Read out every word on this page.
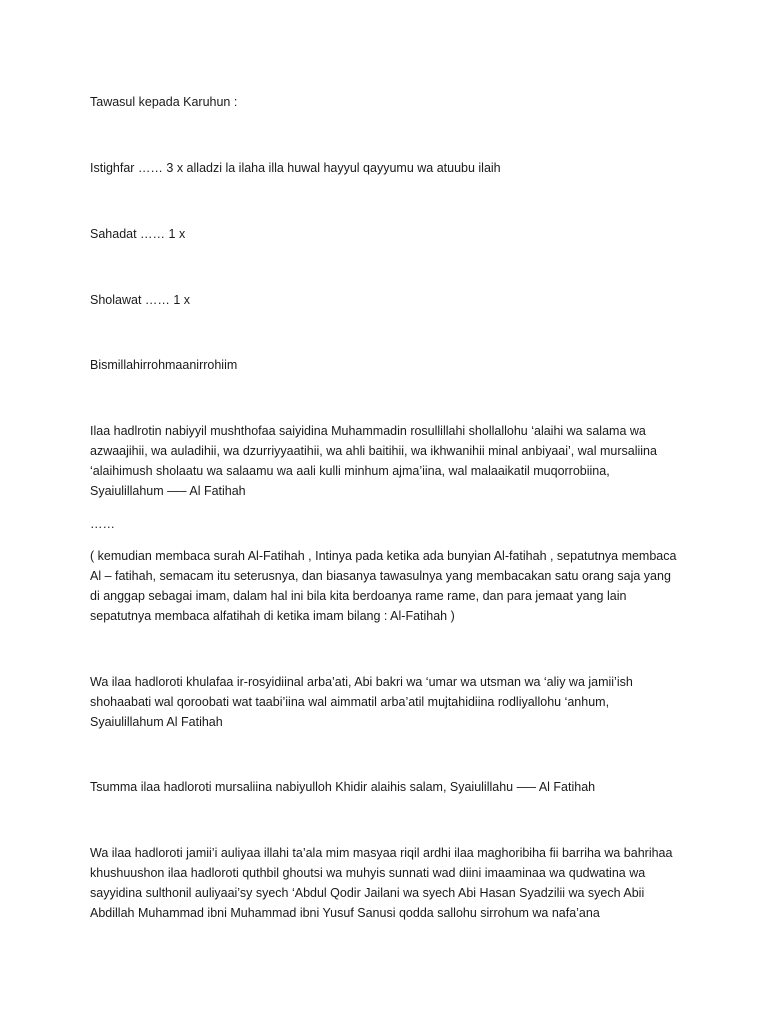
Tawasul kepada Karuhun :

Istighfar …… 3 x alladzi la ilaha illa huwal hayyul qayyumu wa atuubu ilaih

Sahadat …… 1 x

Sholawat …… 1 x

Bismillahirrohmaanirrohiim

Ilaa hadlrotin nabiyyil mushthofaa saiyidina Muhammadin rosullillahi shollallohu ‘alaihi wa salama wa azwaajihii, wa auladihii, wa dzurriyyaatihii, wa ahli baitihii, wa ikhwanihii minal anbiyaai’, wal mursaliina ‘alaihimush sholaatu wa salaamu wa aali kulli minhum ajma’iina, wal malaaikatil muqorrobiina, Syaiulillahum —– Al Fatihah

……

( kemudian membaca surah Al-Fatihah , Intinya pada ketika ada bunyian Al-fatihah , sepatutnya membaca Al – fatihah, semacam itu seterusnya, dan biasanya tawasulnya yang membacakan satu orang saja yang di anggap sebagai imam, dalam hal ini bila kita berdoanya rame rame, dan para jemaat yang lain sepatutnya membaca alfatihah di ketika imam bilang : Al-Fatihah )

Wa ilaa hadloroti khulafaa ir-rosyidiinal arba’ati, Abi bakri wa ‘umar wa utsman wa ‘aliy wa jamii’ish shohaabati wal qoroobati wat taabi’iina wal aimmatil arba’atil mujtahidiina rodliyallohu ‘anhum, Syaiulillahum Al Fatihah

Tsumma ilaa hadloroti mursaliina nabiyulloh Khidir alaihis salam, Syaiulillahu —– Al Fatihah

Wa ilaa hadloroti jamii’i auliyaa illahi ta’ala mim masyaa riqil ardhi ilaa maghoribiha fii barriha wa bahrihaa khushuushon ilaa hadloroti quthbil ghoutsi wa muhyis sunnati wad diini imaaminaa wa qudwatina wa sayyidina sulthonil auliyaai’sy syech ‘Abdul Qodir Jailani wa syech Abi Hasan Syadzilii wa syech Abii Abdillah Muhammad ibni Muhammad ibni Yusuf Sanusi qodda sallohu sirrohum wa nafa’ana
